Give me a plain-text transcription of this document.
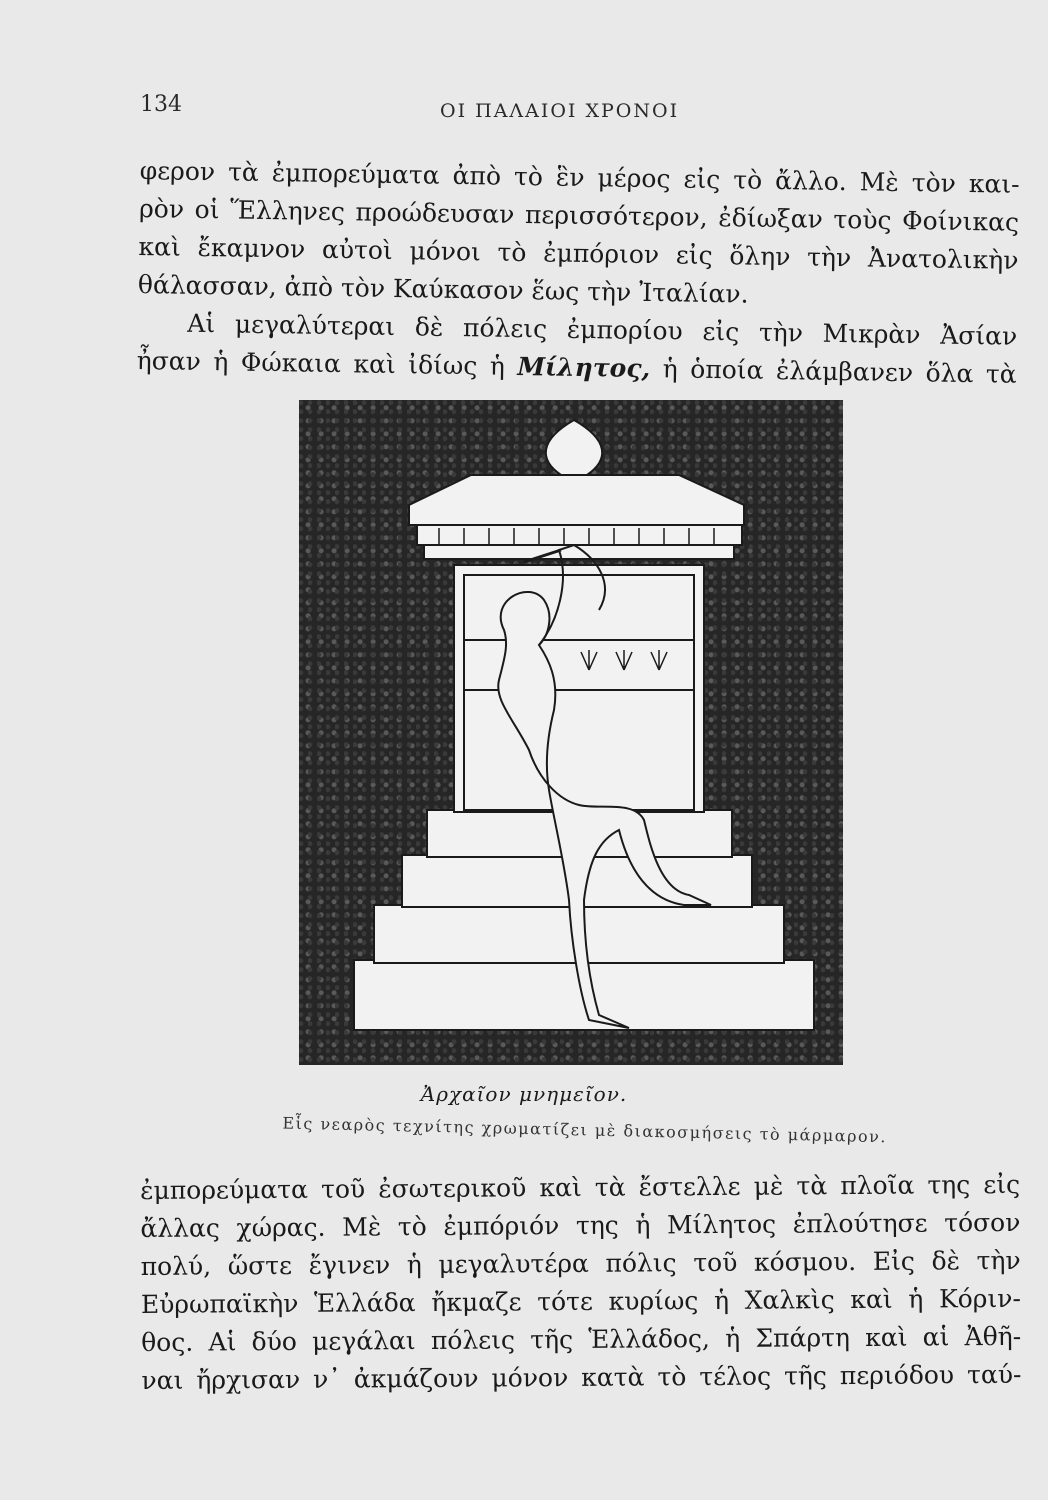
134	ΟΙ ΠΑΛΑΙΟΙ ΧΡΟΝΟΙ
φερον τὰ ἐμπορεύματα ἀπὸ τὸ ἓν μέρος εἰς τὸ ἄλλο. Μὲ τὸν και-
ρὸν οἱ Ἕλληνες προώδευσαν περισσότερον, ἐδίωξαν τοὺς Φοίνικας
καὶ ἔκαμνον αὐτοὶ μόνοι τὸ ἐμπόριον εἰς ὅλην τὴν Ἀνατολικὴν
θάλασσαν, ἀπὸ τὸν Καύκασον ἕως τὴν Ἰταλίαν.
Αἱ μεγαλύτεραι δὲ πόλεις ἐμπορίου εἰς τὴν Μικρὰν Ἀσίαν
ἦσαν ἡ Φώκαια καὶ ἰδίως ἡ Μίλητος, ἡ ὁποία ἐλάμβανεν ὅλα τὰ
Ἀρχαῖον μνημεῖον.
Εἷς νεαρὸς τεχνίτης χρωματίζει μὲ διακοσμήσεις τὸ μάρμαρον.
ἐμπορεύματα τοῦ ἐσωτερικοῦ καὶ τὰ ἔστελλε μὲ τὰ πλοῖα της εἰς
ἄλλας χώρας. Μὲ τὸ ἐμπόριόν της ἡ Μίλητος ἐπλούτησε τόσον
πολύ, ὥστε ἔγινεν ἡ μεγαλυτέρα πόλις τοῦ κόσμου. Εἰς δὲ τὴν
Εὐρωπαϊκὴν Ἑλλάδα ἤκμαζε τότε κυρίως ἡ Χαλκὶς καὶ ἡ Κόριν-
θος. Αἱ δύο μεγάλαι πόλεις τῆς Ἑλλάδος, ἡ Σπάρτη καὶ αἱ Ἀθῆ-
ναι ἤρχισαν ν᾽ ἀκμάζουν μόνον κατὰ τὸ τέλος τῆς περιόδου ταύ-
